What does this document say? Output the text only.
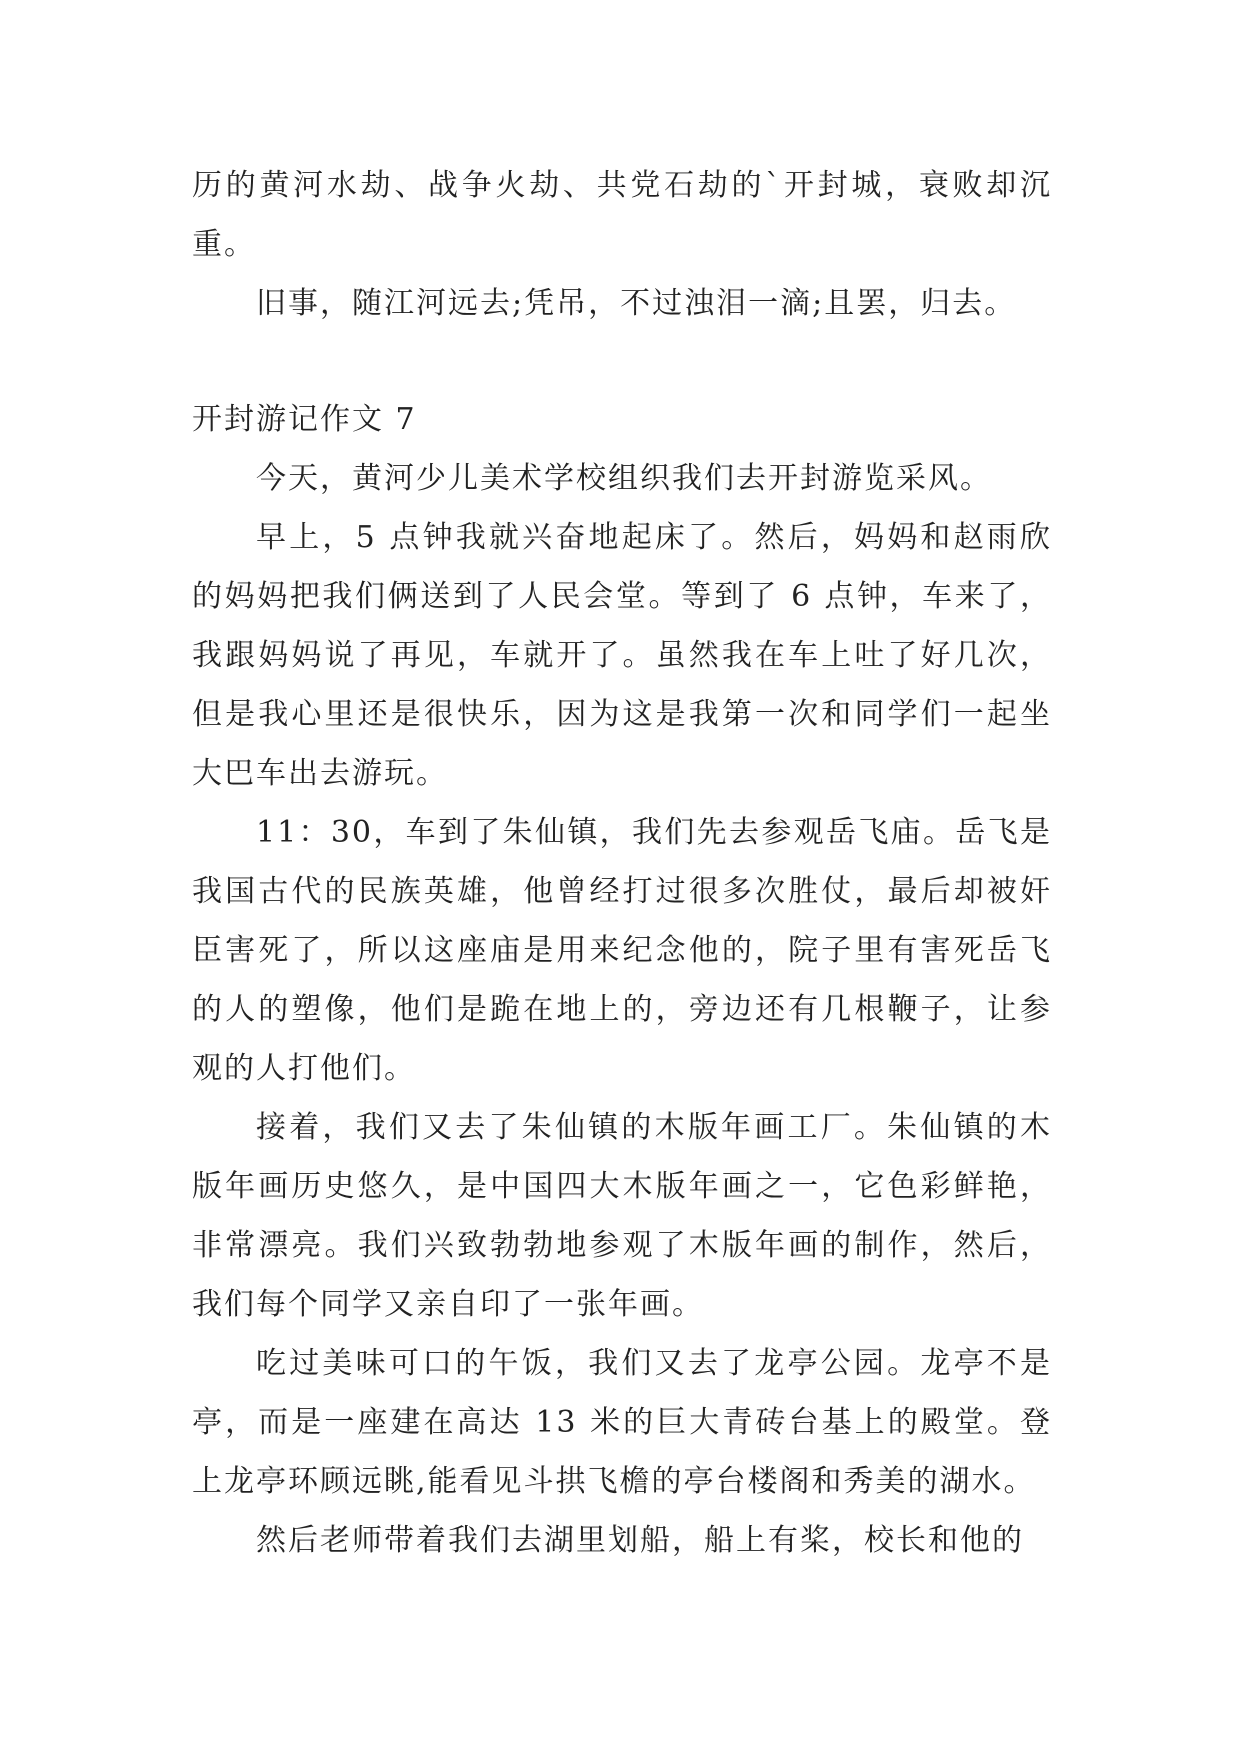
历的黄河水劫、战争火劫、共党石劫的`开封城，衰败却沉重。

旧事，随江河远去;凭吊，不过浊泪一滴;且罢，归去。

开封游记作文 7

今天，黄河少儿美术学校组织我们去开封游览采风。

早上，5 点钟我就兴奋地起床了。然后，妈妈和赵雨欣的妈妈把我们俩送到了人民会堂。等到了 6 点钟，车来了，我跟妈妈说了再见，车就开了。虽然我在车上吐了好几次，但是我心里还是很快乐，因为这是我第一次和同学们一起坐大巴车出去游玩。

11：30，车到了朱仙镇，我们先去参观岳飞庙。岳飞是我国古代的民族英雄，他曾经打过很多次胜仗，最后却被奸臣害死了，所以这座庙是用来纪念他的，院子里有害死岳飞的人的塑像，他们是跪在地上的，旁边还有几根鞭子，让参观的人打他们。

接着，我们又去了朱仙镇的木版年画工厂。朱仙镇的木版年画历史悠久，是中国四大木版年画之一，它色彩鲜艳，非常漂亮。我们兴致勃勃地参观了木版年画的制作，然后，我们每个同学又亲自印了一张年画。

吃过美味可口的午饭，我们又去了龙亭公园。龙亭不是亭，而是一座建在高达 13 米的巨大青砖台基上的殿堂。登上龙亭环顾远眺,能看见斗拱飞檐的亭台楼阁和秀美的湖水。

然后老师带着我们去湖里划船，船上有桨，校长和他的
